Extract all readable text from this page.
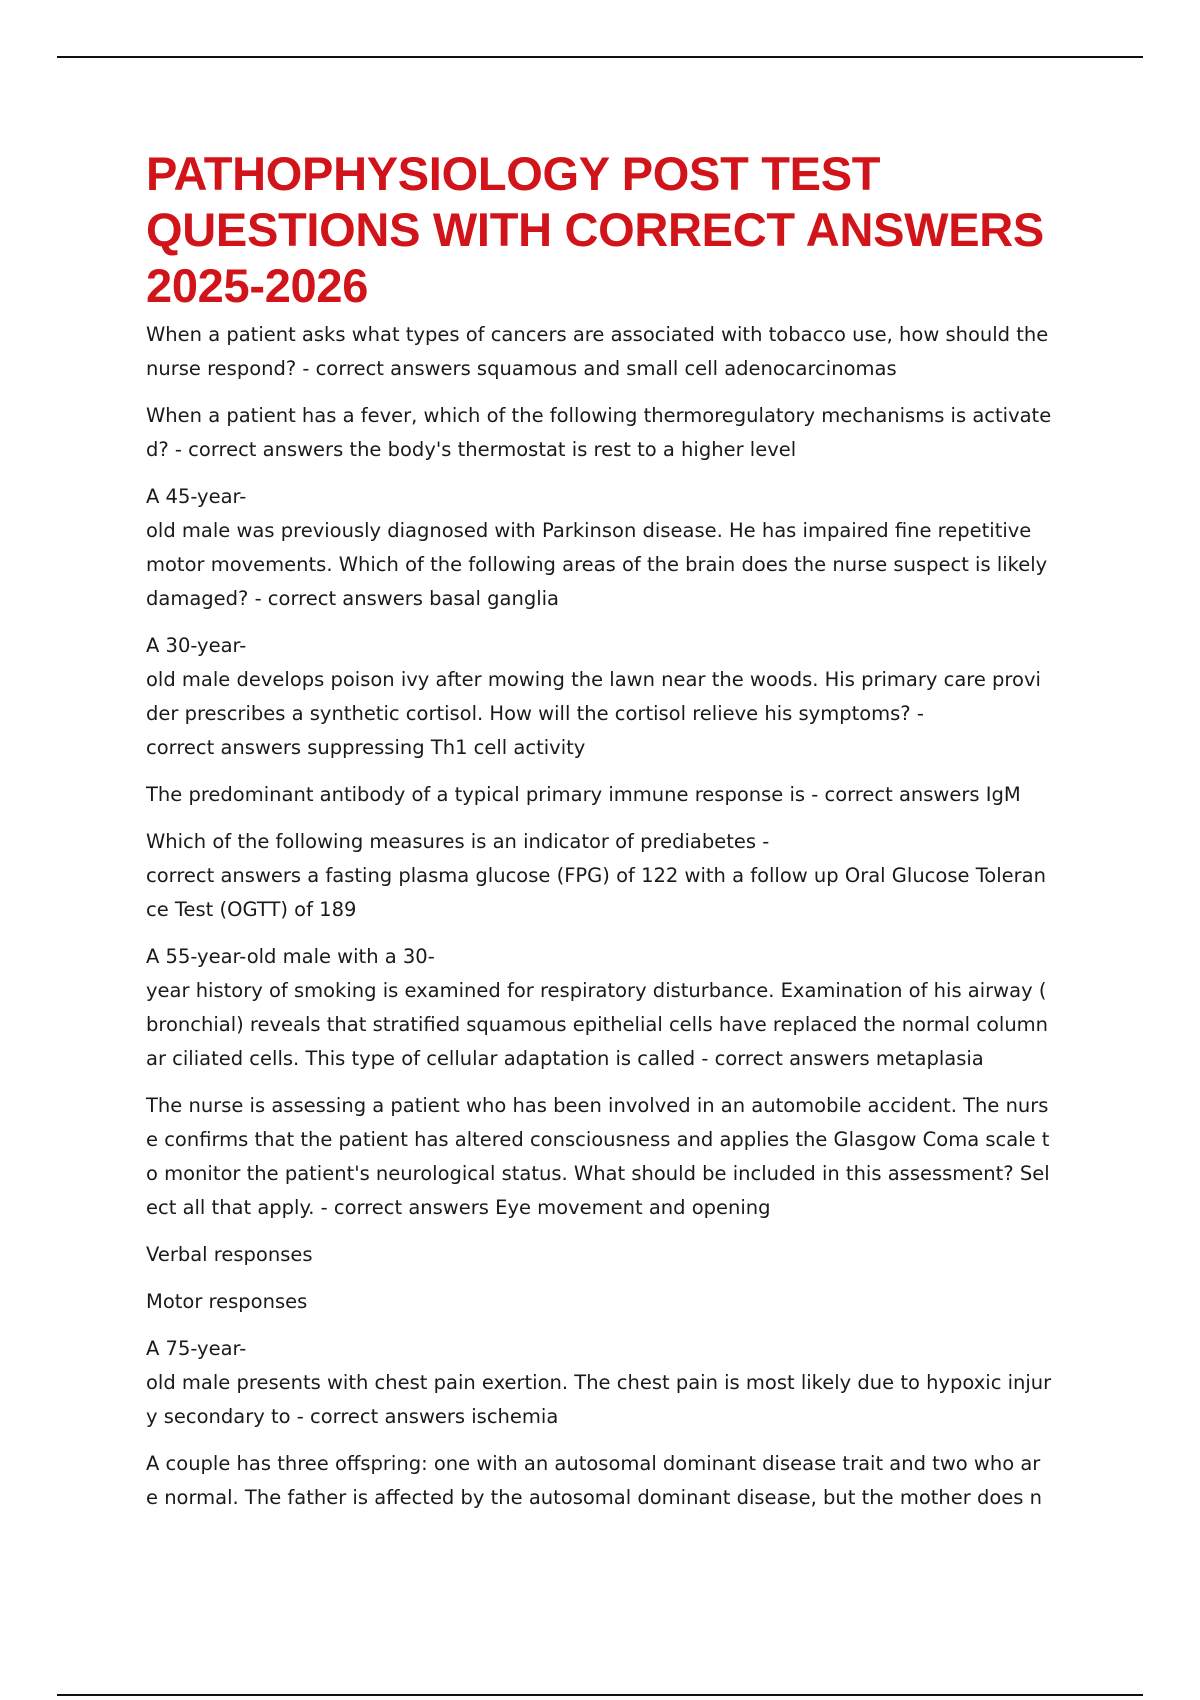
PATHOPHYSIOLOGY POST TEST QUESTIONS WITH CORRECT ANSWERS 2025-2026

When a patient asks what types of cancers are associated with tobacco use, how should the
nurse respond? - correct answers squamous and small cell adenocarcinomas

When a patient has a fever, which of the following thermoregulatory mechanisms is activate
d? - correct answers the body's thermostat is rest to a higher level

A 45-year-
old male was previously diagnosed with Parkinson disease. He has impaired fine repetitive
motor movements. Which of the following areas of the brain does the nurse suspect is likely
damaged? - correct answers basal ganglia

A 30-year-
old male develops poison ivy after mowing the lawn near the woods. His primary care provi
der prescribes a synthetic cortisol. How will the cortisol relieve his symptoms? -
correct answers suppressing Th1 cell activity

The predominant antibody of a typical primary immune response is - correct answers IgM

Which of the following measures is an indicator of prediabetes -
correct answers a fasting plasma glucose (FPG) of 122 with a follow up Oral Glucose Toleran
ce Test (OGTT) of 189

A 55-year-old male with a 30-
year history of smoking is examined for respiratory disturbance. Examination of his airway (
bronchial) reveals that stratified squamous epithelial cells have replaced the normal column
ar ciliated cells. This type of cellular adaptation is called - correct answers metaplasia

The nurse is assessing a patient who has been involved in an automobile accident. The nurs
e confirms that the patient has altered consciousness and applies the Glasgow Coma scale t
o monitor the patient's neurological status. What should be included in this assessment? Sel
ect all that apply. - correct answers Eye movement and opening

Verbal responses

Motor responses

A 75-year-
old male presents with chest pain exertion. The chest pain is most likely due to hypoxic injur
y secondary to - correct answers ischemia

A couple has three offspring: one with an autosomal dominant disease trait and two who ar
e normal. The father is affected by the autosomal dominant disease, but the mother does n
